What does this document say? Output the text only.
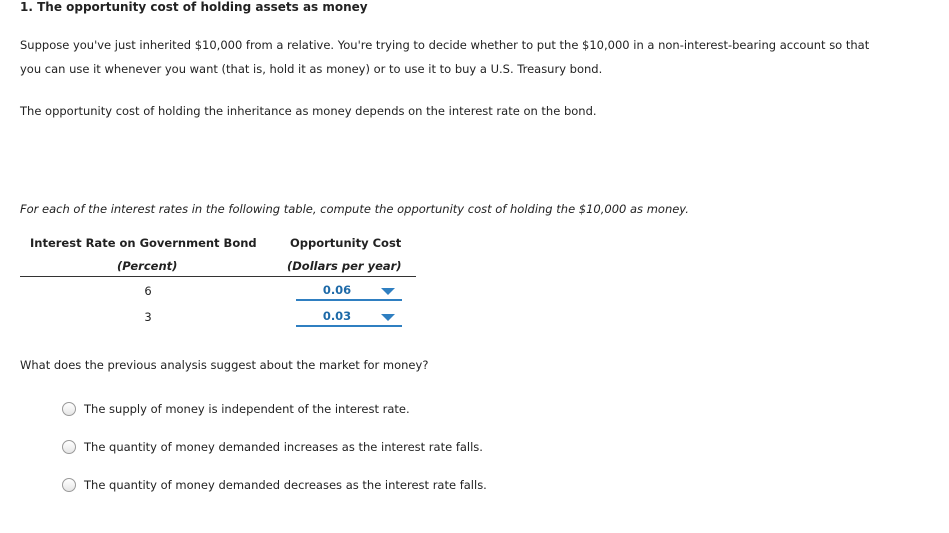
1. The opportunity cost of holding assets as money
Suppose you've just inherited $10,000 from a relative. You're trying to decide whether to put the $10,000 in a non-interest-bearing account so that
you can use it whenever you want (that is, hold it as money) or to use it to buy a U.S. Treasury bond.
The opportunity cost of holding the inheritance as money depends on the interest rate on the bond.
For each of the interest rates in the following table, compute the opportunity cost of holding the $10,000 as money.
Interest Rate on Government Bond
(Percent)
Opportunity Cost
(Dollars per year)
6
3
0.06
0.03
What does the previous analysis suggest about the market for money?
The supply of money is independent of the interest rate.
The quantity of money demanded increases as the interest rate falls.
The quantity of money demanded decreases as the interest rate falls.
